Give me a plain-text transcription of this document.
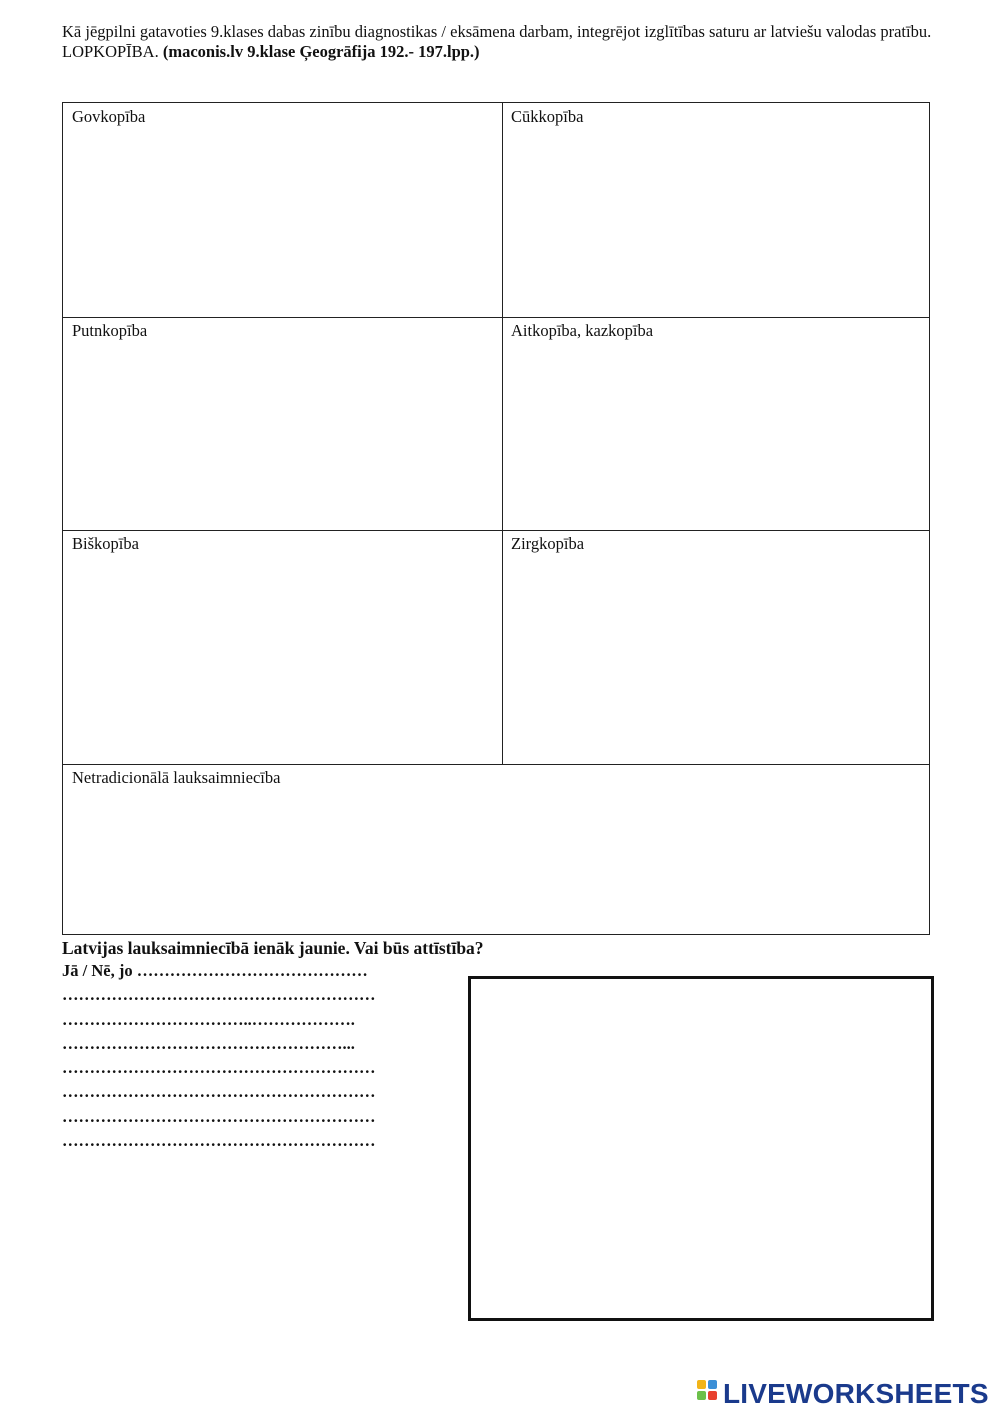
Kā jēgpilni gatavoties 9.klases dabas zinību diagnostikas / eksāmena darbam, integrējot izglītības saturu ar latviešu valodas pratību.
LOPKOPĪBA. (maconis.lv 9.klase Ģeogrāfija 192.- 197.lpp.)
Govkopība	Cūkkopība
Putnkopība	Aitkopība, kazkopība
Biškopība	Zirgkopība
Netradicionālā lauksaimniecība
Latvijas lauksaimniecībā ienāk jaunie. Vai būs attīstība?
Jā / Nē, jo ……………………………………
…………………………………………………
……………………………..……………….
……………………………………………...
…………………………………………………
…………………………………………………
…………………………………………………
…………………………………………………
LIVEWORKSHEETS
